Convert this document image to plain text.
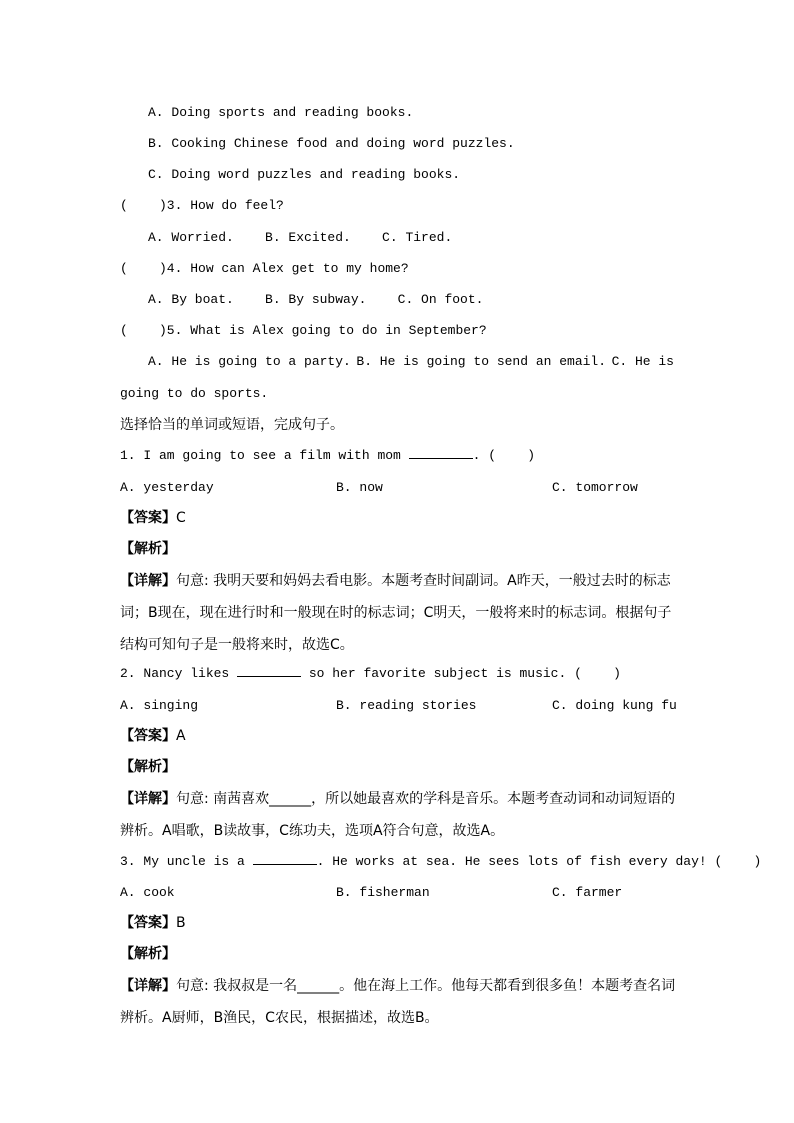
A. Doing sports and reading books.
B. Cooking Chinese food and doing word puzzles.
C. Doing word puzzles and reading books.
(    )3. How do feel?
A. Worried.    B. Excited.    C. Tired.
(    )4. How can Alex get to my home?
A. By boat.    B. By subway.    C. On foot.
(    )5. What is Alex going to do in September?
A. He is going to a party. B. He is going to send an email. C. He is
going to do sports.
选择恰当的单词或短语，完成句子。
1. I am going to see a film with mom	. (    )
A. yesterday	B. now	C. tomorrow
【答案】C
【解析】
【详解】句意: 我明天要和妈妈去看电影。本题考查时间副词。A昨天，一般过去时的标志词；B现在，现在进行时和一般现在时的标志词；C明天，一般将来时的标志词。根据句子结构可知句子是一般将来时，故选C。
2. Nancy likes	so her favorite subject is music. (    )
A. singing	B. reading stories	C. doing kung fu
【答案】A
【解析】
【详解】句意: 南茜喜欢______，所以她最喜欢的学科是音乐。本题考查动词和动词短语的辨析。A唱歌，B读故事，C练功夫，选项A符合句意，故选A。
3. My uncle is a	. He works at sea. He sees lots of fish every day! (    )
A. cook	B. fisherman	C. farmer
【答案】B
【解析】
【详解】句意: 我叔叔是一名______。他在海上工作。他每天都看到很多鱼！本题考查名词辨析。A厨师，B渔民，C农民，根据描述，故选B。
